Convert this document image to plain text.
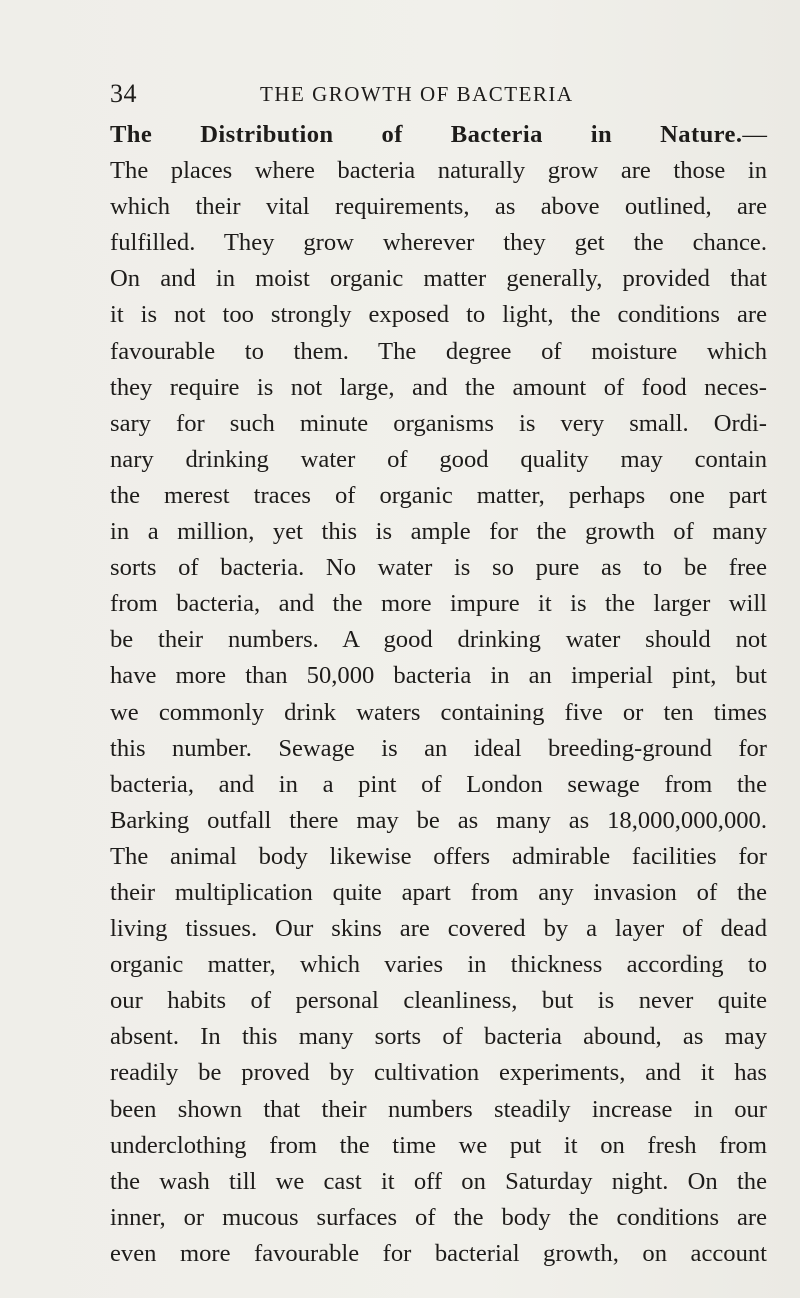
34	THE GROWTH OF BACTERIA
The Distribution of Bacteria in Nature.—
The places where bacteria naturally grow are those in
which their vital requirements, as above outlined, are
fulfilled. They grow wherever they get the chance.
On and in moist organic matter generally, provided that
it is not too strongly exposed to light, the conditions are
favourable to them. The degree of moisture which
they require is not large, and the amount of food neces-
sary for such minute organisms is very small. Ordi-
nary drinking water of good quality may contain
the merest traces of organic matter, perhaps one part
in a million, yet this is ample for the growth of many
sorts of bacteria. No water is so pure as to be free
from bacteria, and the more impure it is the larger will
be their numbers. A good drinking water should not
have more than 50,000 bacteria in an imperial pint, but
we commonly drink waters containing five or ten times
this number. Sewage is an ideal breeding-ground for
bacteria, and in a pint of London sewage from the
Barking outfall there may be as many as 18,000,000,000.
The animal body likewise offers admirable facilities for
their multiplication quite apart from any invasion of the
living tissues. Our skins are covered by a layer of dead
organic matter, which varies in thickness according to
our habits of personal cleanliness, but is never quite
absent. In this many sorts of bacteria abound, as may
readily be proved by cultivation experiments, and it has
been shown that their numbers steadily increase in our
underclothing from the time we put it on fresh from
the wash till we cast it off on Saturday night. On the
inner, or mucous surfaces of the body the conditions are
even more favourable for bacterial growth, on account
